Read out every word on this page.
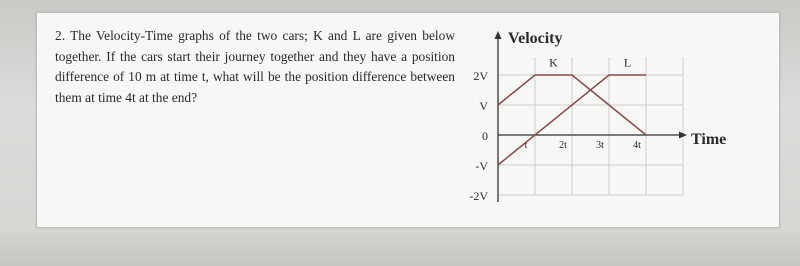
2. The Velocity-Time graphs of the two cars; K and L are given below together. If the cars start their journey together and they have a position difference of 10 m at time t, what will be the position difference between them at time 4t at the end?

Velocity
Time
2V
V
0
-V
-2V
t	2t	3t	4t
K	L
